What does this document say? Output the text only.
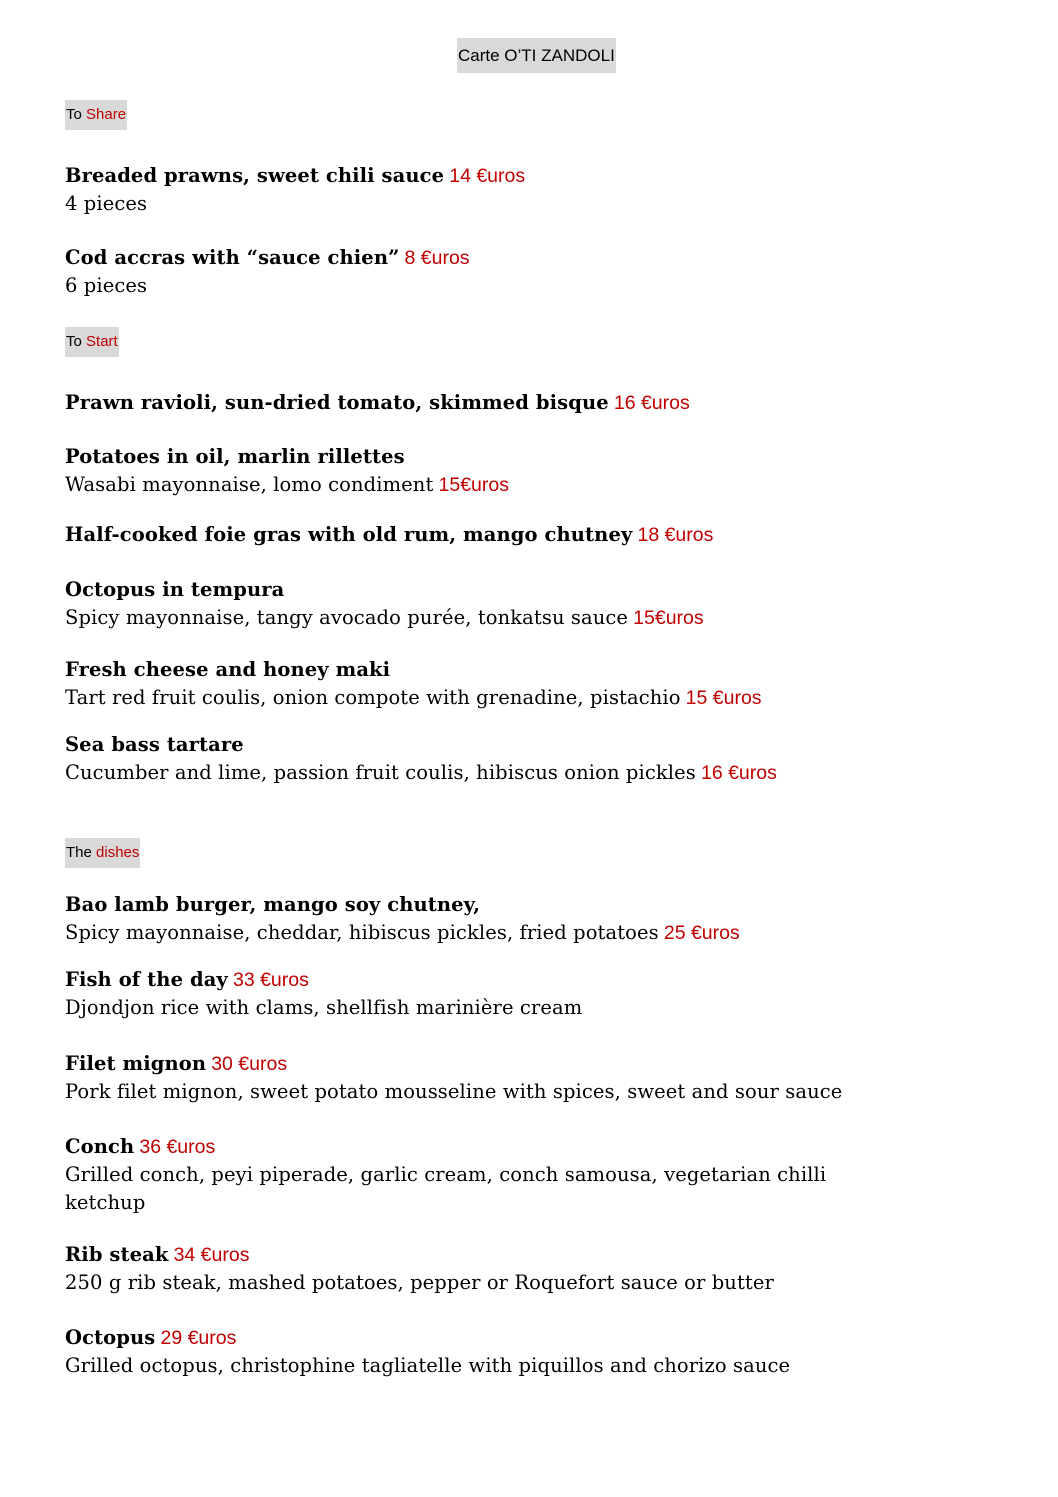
Carte O’TI ZANDOLI
To Share
Breaded prawns, sweet chili sauce 14 €uros
4 pieces
Cod accras with “sauce chien” 8 €uros
6 pieces
To Start
Prawn ravioli, sun-dried tomato, skimmed bisque 16 €uros
Potatoes in oil, marlin rillettes
Wasabi mayonnaise, lomo condiment 15€uros
Half-cooked foie gras with old rum, mango chutney 18 €uros
Octopus in tempura
Spicy mayonnaise, tangy avocado purée, tonkatsu sauce 15€uros
Fresh cheese and honey maki
Tart red fruit coulis, onion compote with grenadine, pistachio 15 €uros
Sea bass tartare
Cucumber and lime, passion fruit coulis, hibiscus onion pickles 16 €uros
The dishes
Bao lamb burger, mango soy chutney,
Spicy mayonnaise, cheddar, hibiscus pickles, fried potatoes 25 €uros
Fish of the day 33 €uros
Djondjon rice with clams, shellfish marinière cream
Filet mignon 30 €uros
Pork filet mignon, sweet potato mousseline with spices, sweet and sour sauce
Conch 36 €uros
Grilled conch, peyi piperade, garlic cream, conch samousa, vegetarian chilli
ketchup
Rib steak 34 €uros
250 g rib steak, mashed potatoes, pepper or Roquefort sauce or butter
Octopus 29 €uros
Grilled octopus, christophine tagliatelle with piquillos and chorizo sauce
